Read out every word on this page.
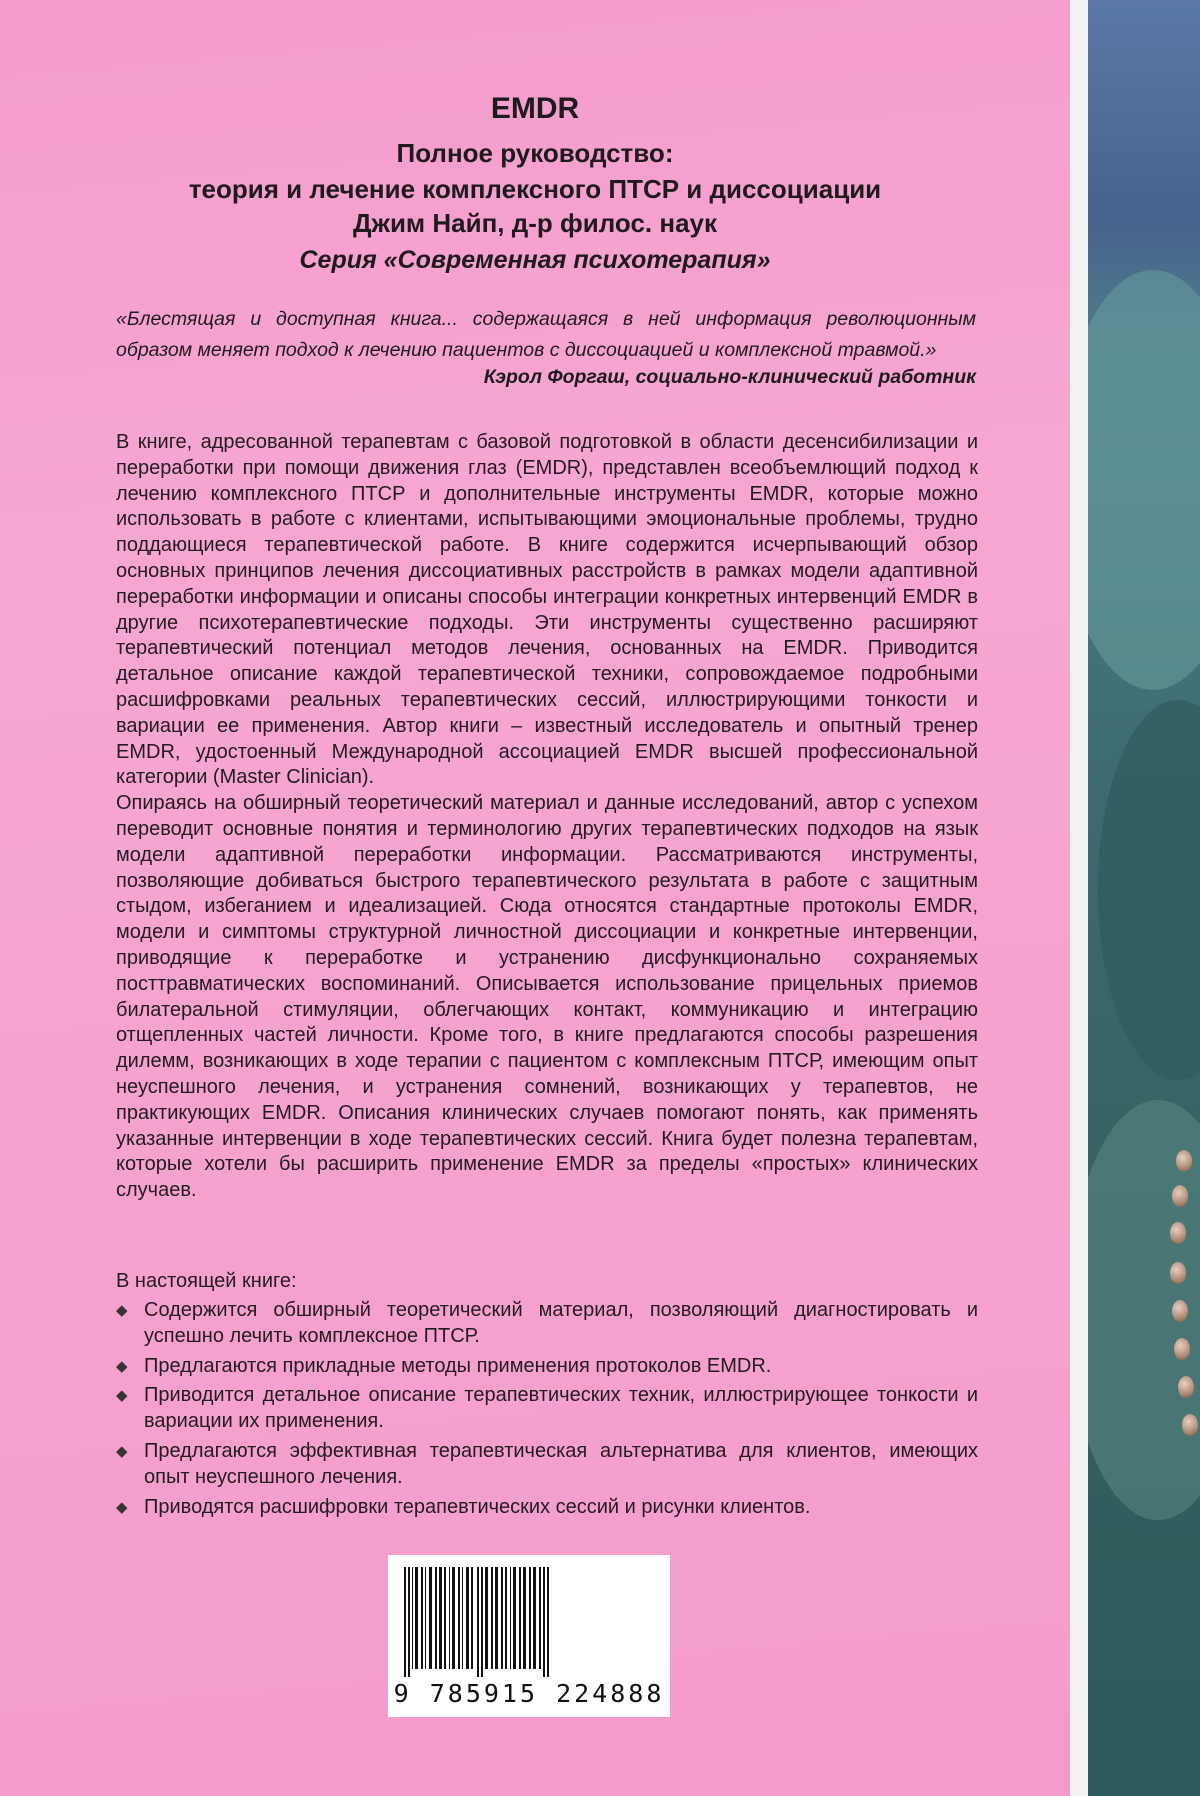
EMDR
Полное руководство:
теория и лечение комплексного ПТСР и диссоциации
Джим Найп, д-р филос. наук
Серия «Современная психотерапия»
«Блестящая и доступная книга... содержащаяся в ней информация революционным образом меняет подход к лечению пациентов с диссоциацией и комплексной травмой.»
Кэрол Форгаш, социально-клинический работник

В книге, адресованной терапевтам с базовой подготовкой в области десенсибилизации и переработки при помощи движения глаз (EMDR), представлен всеобъемлющий подход к лечению комплексного ПТСР и дополнительные инструменты EMDR, которые можно использовать в работе с клиентами, испытывающими эмоциональные проблемы, трудно поддающиеся терапевтической работе. В книге содержится исчерпывающий обзор основных принципов лечения диссоциативных расстройств в рамках модели адаптивной переработки информации и описаны способы интеграции конкретных интервенций EMDR в другие психотерапевтические подходы. Эти инструменты существенно расширяют терапевтический потенциал методов лечения, основанных на EMDR. Приводится детальное описание каждой терапевтической техники, сопровождаемое подробными расшифровками реальных терапевтических сессий, иллюстрирующими тонкости и вариации ее применения. Автор книги – известный исследователь и опытный тренер EMDR, удостоенный Международной ассоциацией EMDR высшей профессиональной категории (Master Clinician).

Опираясь на обширный теоретический материал и данные исследований, автор с успехом переводит основные понятия и терминологию других терапевтических подходов на язык модели адаптивной переработки информации. Рассматриваются инструменты, позволяющие добиваться быстрого терапевтического результата в работе с защитным стыдом, избеганием и идеализацией. Сюда относятся стандартные протоколы EMDR, модели и симптомы структурной личностной диссоциации и конкретные интервенции, приводящие к переработке и устранению дисфункционально сохраняемых посттравматических воспоминаний. Описывается использование прицельных приемов билатеральной стимуляции, облегчающих контакт, коммуникацию и интеграцию отщепленных частей личности. Кроме того, в книге предлагаются способы разрешения дилемм, возникающих в ходе терапии с пациентом с комплексным ПТСР, имеющим опыт неуспешного лечения, и устранения сомнений, возникающих у терапевтов, не практикующих EMDR. Описания клинических случаев помогают понять, как применять указанные интервенции в ходе терапевтических сессий. Книга будет полезна терапевтам, которые хотели бы расширить применение EMDR за пределы «простых» клинических случаев.

В настоящей книге:
◆ Содержится обширный теоретический материал, позволяющий диагностировать и успешно лечить комплексное ПТСР.
◆ Предлагаются прикладные методы применения протоколов EMDR.
◆ Приводится детальное описание терапевтических техник, иллюстрирующее тонкости и вариации их применения.
◆ Предлагаются эффективная терапевтическая альтернатива для клиентов, имеющих опыт неуспешного лечения.
◆ Приводятся расшифровки терапевтических сессий и рисунки клиентов.
9 785915 224888
